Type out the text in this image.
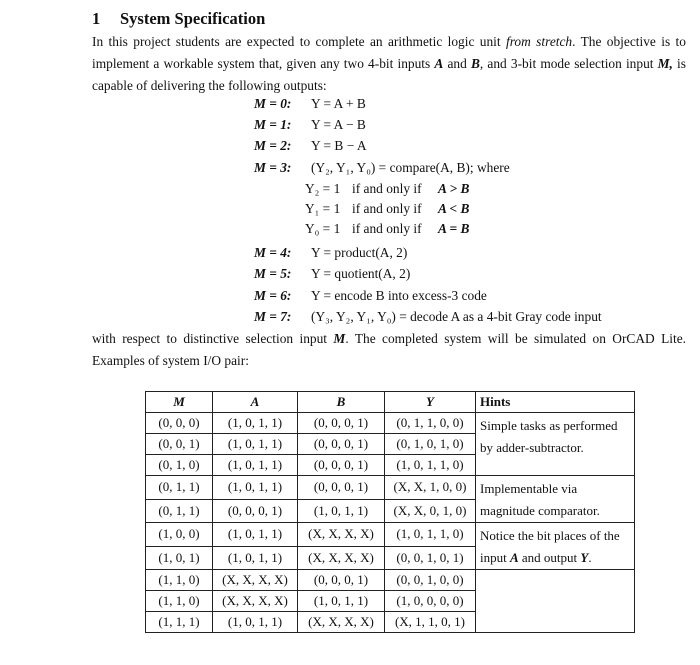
1 System Specification

In this project students are expected to complete an arithmetic logic unit from stretch. The objective is to implement a workable system that, given any two 4-bit inputs A and B, and 3-bit mode selection input M, is capable of delivering the following outputs:

M = 0: Y = A + B
M = 1: Y = A − B
M = 2: Y = B − A
M = 3: (Y₂, Y₁, Y₀) = compare(A, B); where
Y₂ = 1 if and only if A > B
Y₁ = 1 if and only if A < B
Y₀ = 1 if and only if A = B
M = 4: Y = product(A, 2)
M = 5: Y = quotient(A, 2)
M = 6: Y = encode B into excess-3 code
M = 7: (Y₃, Y₂, Y₁, Y₀) = decode A as a 4-bit Gray code input

with respect to distinctive selection input M. The completed system will be simulated on OrCAD Lite. Examples of system I/O pair:

M	A	B	Y	Hints
(0, 0, 0)	(1, 0, 1, 1)	(0, 0, 0, 1)	(0, 1, 1, 0, 0)	Simple tasks as performed
by adder-subtractor.

(0, 0, 1)	(1, 0, 1, 1)	(0, 0, 0, 1)	(0, 1, 0, 1, 0)	
(0, 1, 0)	(1, 0, 1, 1)	(0, 0, 0, 1)	(1, 0, 1, 1, 0)	
(0, 1, 1)	(1, 0, 1, 1)	(0, 0, 0, 1)	(X, X, 1, 0, 0)	Implementable via
magnitude comparator.

(0, 1, 1)	(0, 0, 0, 1)	(1, 0, 1, 1)	(X, X, 0, 1, 0)	
(1, 0, 0)	(1, 0, 1, 1)	(X, X, X, X)	(1, 0, 1, 1, 0)	Notice the bit places of the
input A and output Y.

(1, 0, 1)	(1, 0, 1, 1)	(X, X, X, X)	(0, 0, 1, 0, 1)	
(1, 1, 0)	(X, X, X, X)	(0, 0, 0, 1)	(0, 0, 1, 0, 0)	
(1, 1, 0)	(X, X, X, X)	(1, 0, 1, 1)	(1, 0, 0, 0, 0)	
(1, 1, 1)	(1, 0, 1, 1)	(X, X, X, X)	(X, 1, 1, 0, 1)	
